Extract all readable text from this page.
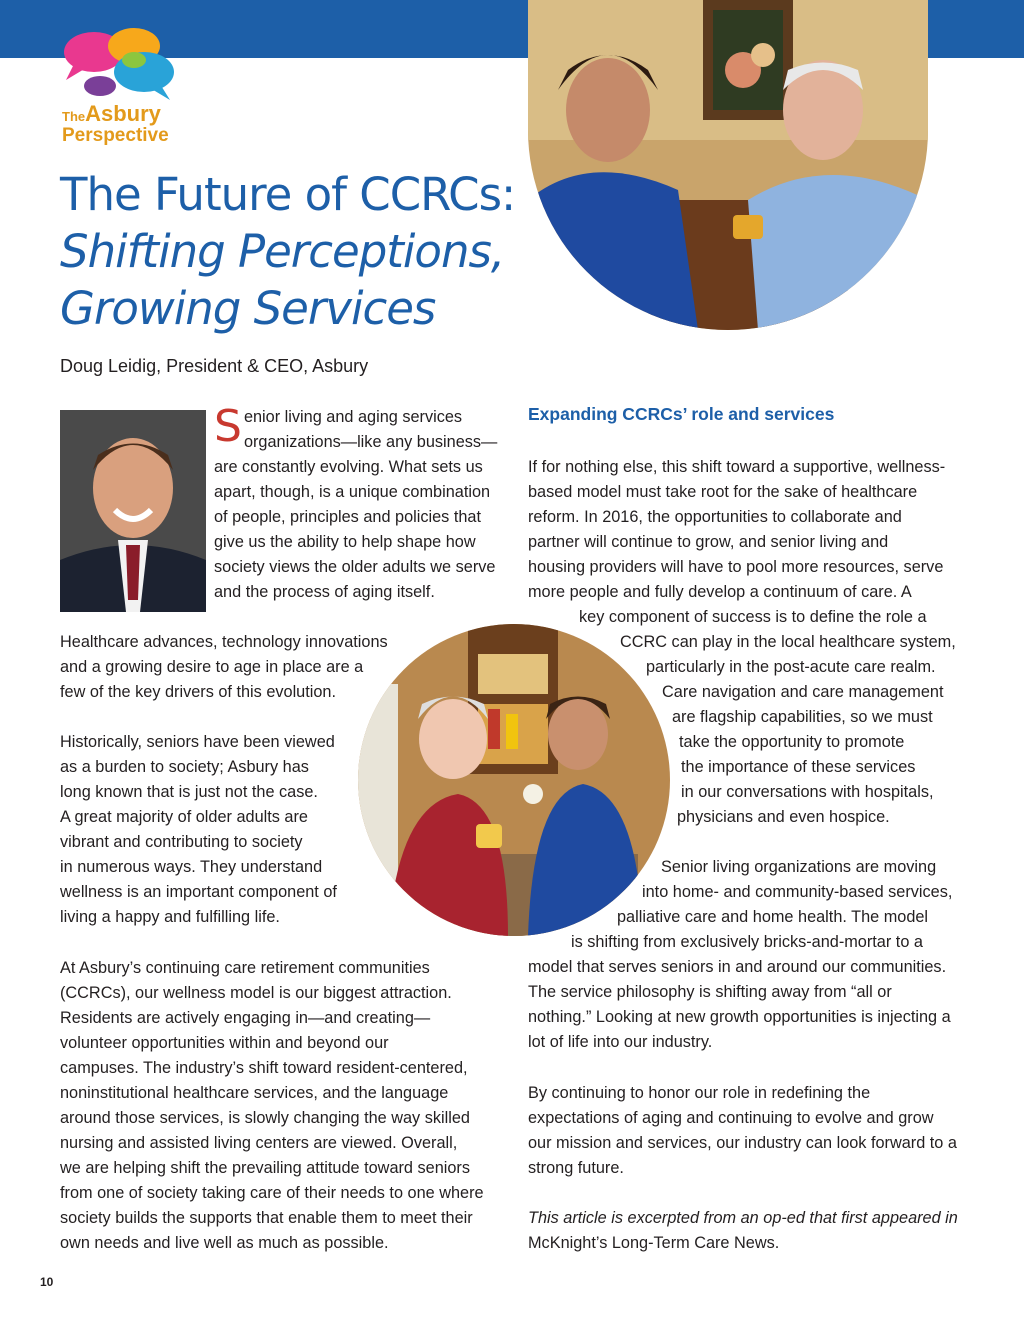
TheAsbury
Perspective
The Future of CCRCs:
Shifting Perceptions,
Growing Services
Doug Leidig, President & CEO, Asbury
S enior living and aging services
organizations—like any business—
are constantly evolving. What sets us
apart, though, is a unique combination
of people, principles and policies that
give us the ability to help shape how
society views the older adults we serve
and the process of aging itself.
Healthcare advances, technology innovations
and a growing desire to age in place are a
few of the key drivers of this evolution.
Historically, seniors have been viewed
as a burden to society; Asbury has
long known that is just not the case.
A great majority of older adults are
vibrant and contributing to society
in numerous ways. They understand
wellness is an important component of
living a happy and fulfilling life.
At Asbury’s continuing care retirement communities
(CCRCs), our wellness model is our biggest attraction.
Residents are actively engaging in—and creating—
volunteer opportunities within and beyond our
campuses. The industry’s shift toward resident-centered,
noninstitutional healthcare services, and the language
around those services, is slowly changing the way skilled
nursing and assisted living centers are viewed. Overall,
we are helping shift the prevailing attitude toward seniors
from one of society taking care of their needs to one where
society builds the supports that enable them to meet their
own needs and live well as much as possible.
Expanding CCRCs’ role and services
If for nothing else, this shift toward a supportive, wellness-
based model must take root for the sake of healthcare
reform. In 2016, the opportunities to collaborate and
partner will continue to grow, and senior living and
housing providers will have to pool more resources, serve
more people and fully develop a continuum of care. A
key component of success is to define the role a
CCRC can play in the local healthcare system,
particularly in the post-acute care realm.
Care navigation and care management
are flagship capabilities, so we must
take the opportunity to promote
the importance of these services
in our conversations with hospitals,
physicians and even hospice.
Senior living organizations are moving
into home- and community-based services,
palliative care and home health. The model
is shifting from exclusively bricks-and-mortar to a
model that serves seniors in and around our communities.
The service philosophy is shifting away from “all or
nothing.” Looking at new growth opportunities is injecting a
lot of life into our industry.
By continuing to honor our role in redefining the
expectations of aging and continuing to evolve and grow
our mission and services, our industry can look forward to a
strong future.
This article is excerpted from an op-ed that first appeared in
McKnight’s Long-Term Care News.
10
